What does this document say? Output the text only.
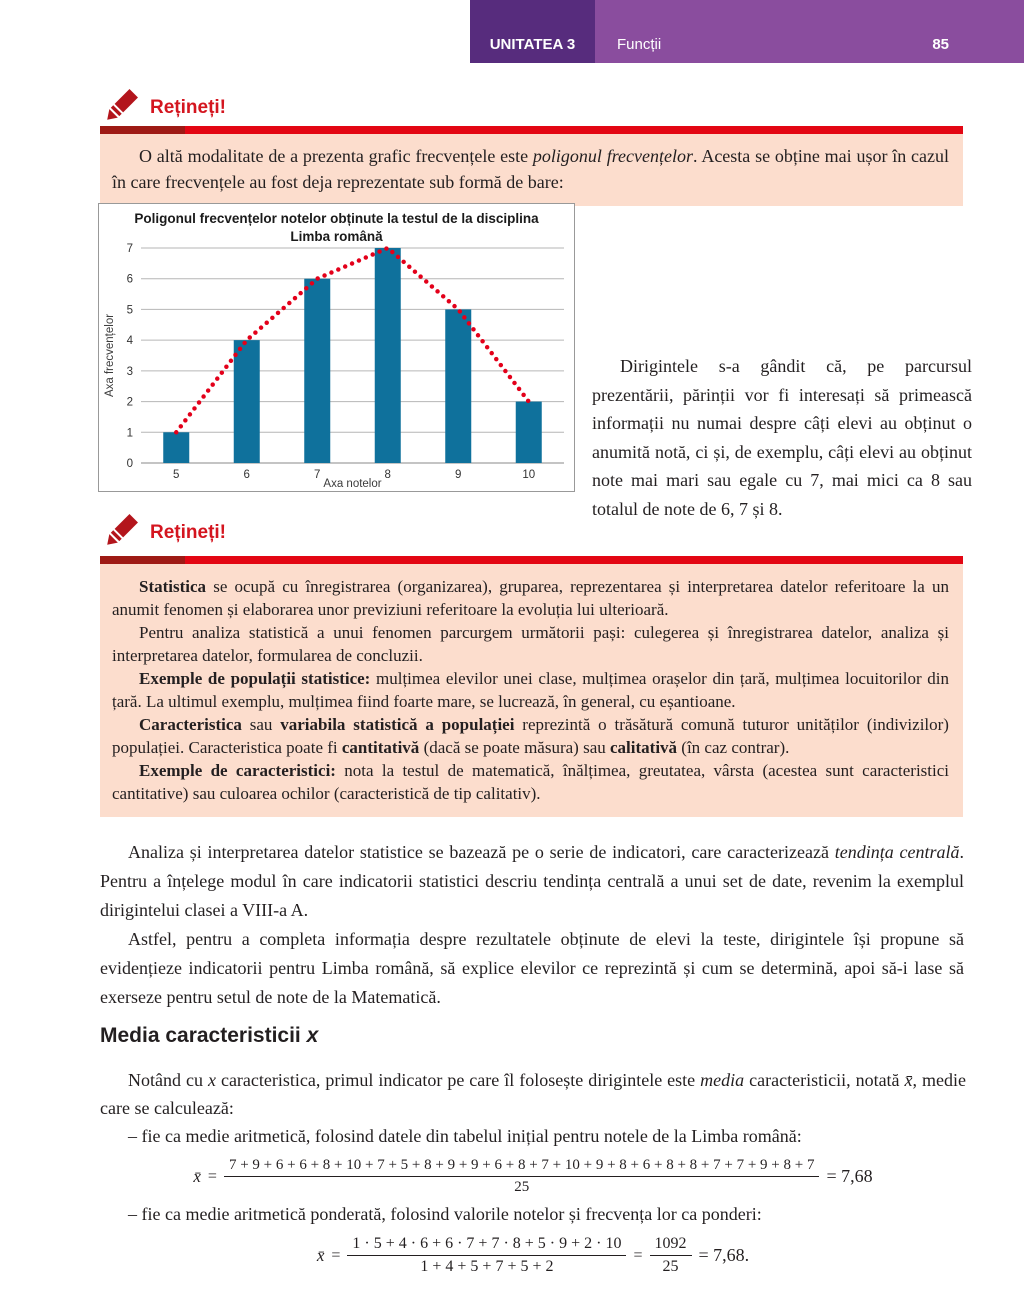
UNITATEA 3	Funcții	85
Rețineți!

O altă modalitate de a prezenta grafic frecvențele este poligonul frecvențelor. Acesta se obține mai ușor în cazul în care frecvențele au fost deja reprezentate sub formă de bare:

0
1
2
3
4
5
6
7
5	6	7	8	9	10
Poligonul frecvențelor notelor obținute la testul de la disciplina
Limba română
Axa notelor
Axa frecvențelor	Dirigintele s-a gândit că, pe parcursul prezentării, părinții vor fi interesați să primească informații nu numai despre câți elevi au obținut o anumită notă, ci și, de exemplu, câți elevi au obținut note mai mari sau egale cu 7, mai mici ca 8 sau totalul de note de 6, 7 și 8.

Rețineți!

Statistica se ocupă cu înregistrarea (organizarea), gruparea, reprezentarea și interpretarea datelor referitoare la un anumit fenomen și elaborarea unor previziuni referitoare la evoluția lui ulterioară.

Pentru analiza statistică a unui fenomen parcurgem următorii pași: culegerea și înregistrarea datelor, analiza și interpretarea datelor, formularea de concluzii.

Exemple de populații statistice: mulțimea elevilor unei clase, mulțimea orașelor din țară, mulțimea locuitorilor din țară. La ultimul exemplu, mulțimea fiind foarte mare, se lucrează, în general, cu eșantioane.

Caracteristica sau variabila statistică a populației reprezintă o trăsătură comună tuturor unităților (indivizilor) populației. Caracteristica poate fi cantitativă (dacă se poate măsura) sau calitativă (în caz contrar).

Exemple de caracteristici: nota la testul de matematică, înălțimea, greutatea, vârsta (acestea sunt caracteristici cantitative) sau culoarea ochilor (caracteristică de tip calitativ).

Analiza și interpretarea datelor statistice se bazează pe o serie de indicatori, care caracterizează tendința centrală. Pentru a înțelege modul în care indicatorii statistici descriu tendința centrală a unui set de date, revenim la exemplul dirigintelui clasei a VIII-a A.

Astfel, pentru a completa informația despre rezultatele obținute de elevi la teste, dirigintele își propune să evidențieze indicatorii pentru Limba română, să explice elevilor ce reprezintă și cum se determină, apoi să-i lase să exerseze pentru setul de note de la Matematică.

Media caracteristicii x

Notând cu x caracteristica, primul indicator pe care îl folosește dirigintele este media caracteristicii, notată x̄, medie care se calculează:

– fie ca medie aritmetică, folosind datele din tabelul inițial pentru notele de la Limba română:

x̄ =
7 + 9 + 6 + 6 + 8 + 10 + 7 + 5 + 8 + 9 + 9 + 6 + 8 + 7 + 10 + 9 + 8 + 6 + 8 + 8 + 7 + 7 + 9 + 8 + 7
25
= 7,68

– fie ca medie aritmetică ponderată, folosind valorile notelor și frecvența lor ca ponderi:

x̄ = $\frac{1 \cdot 5 + 4 \cdot 6 + 6 \cdot 7 + 7 \cdot 8 + 5 \cdot 9 + 2 \cdot 10}{1 + 4 + 5 + 7 + 5 + 2} = \frac{1092}{25} = 7,68$.
